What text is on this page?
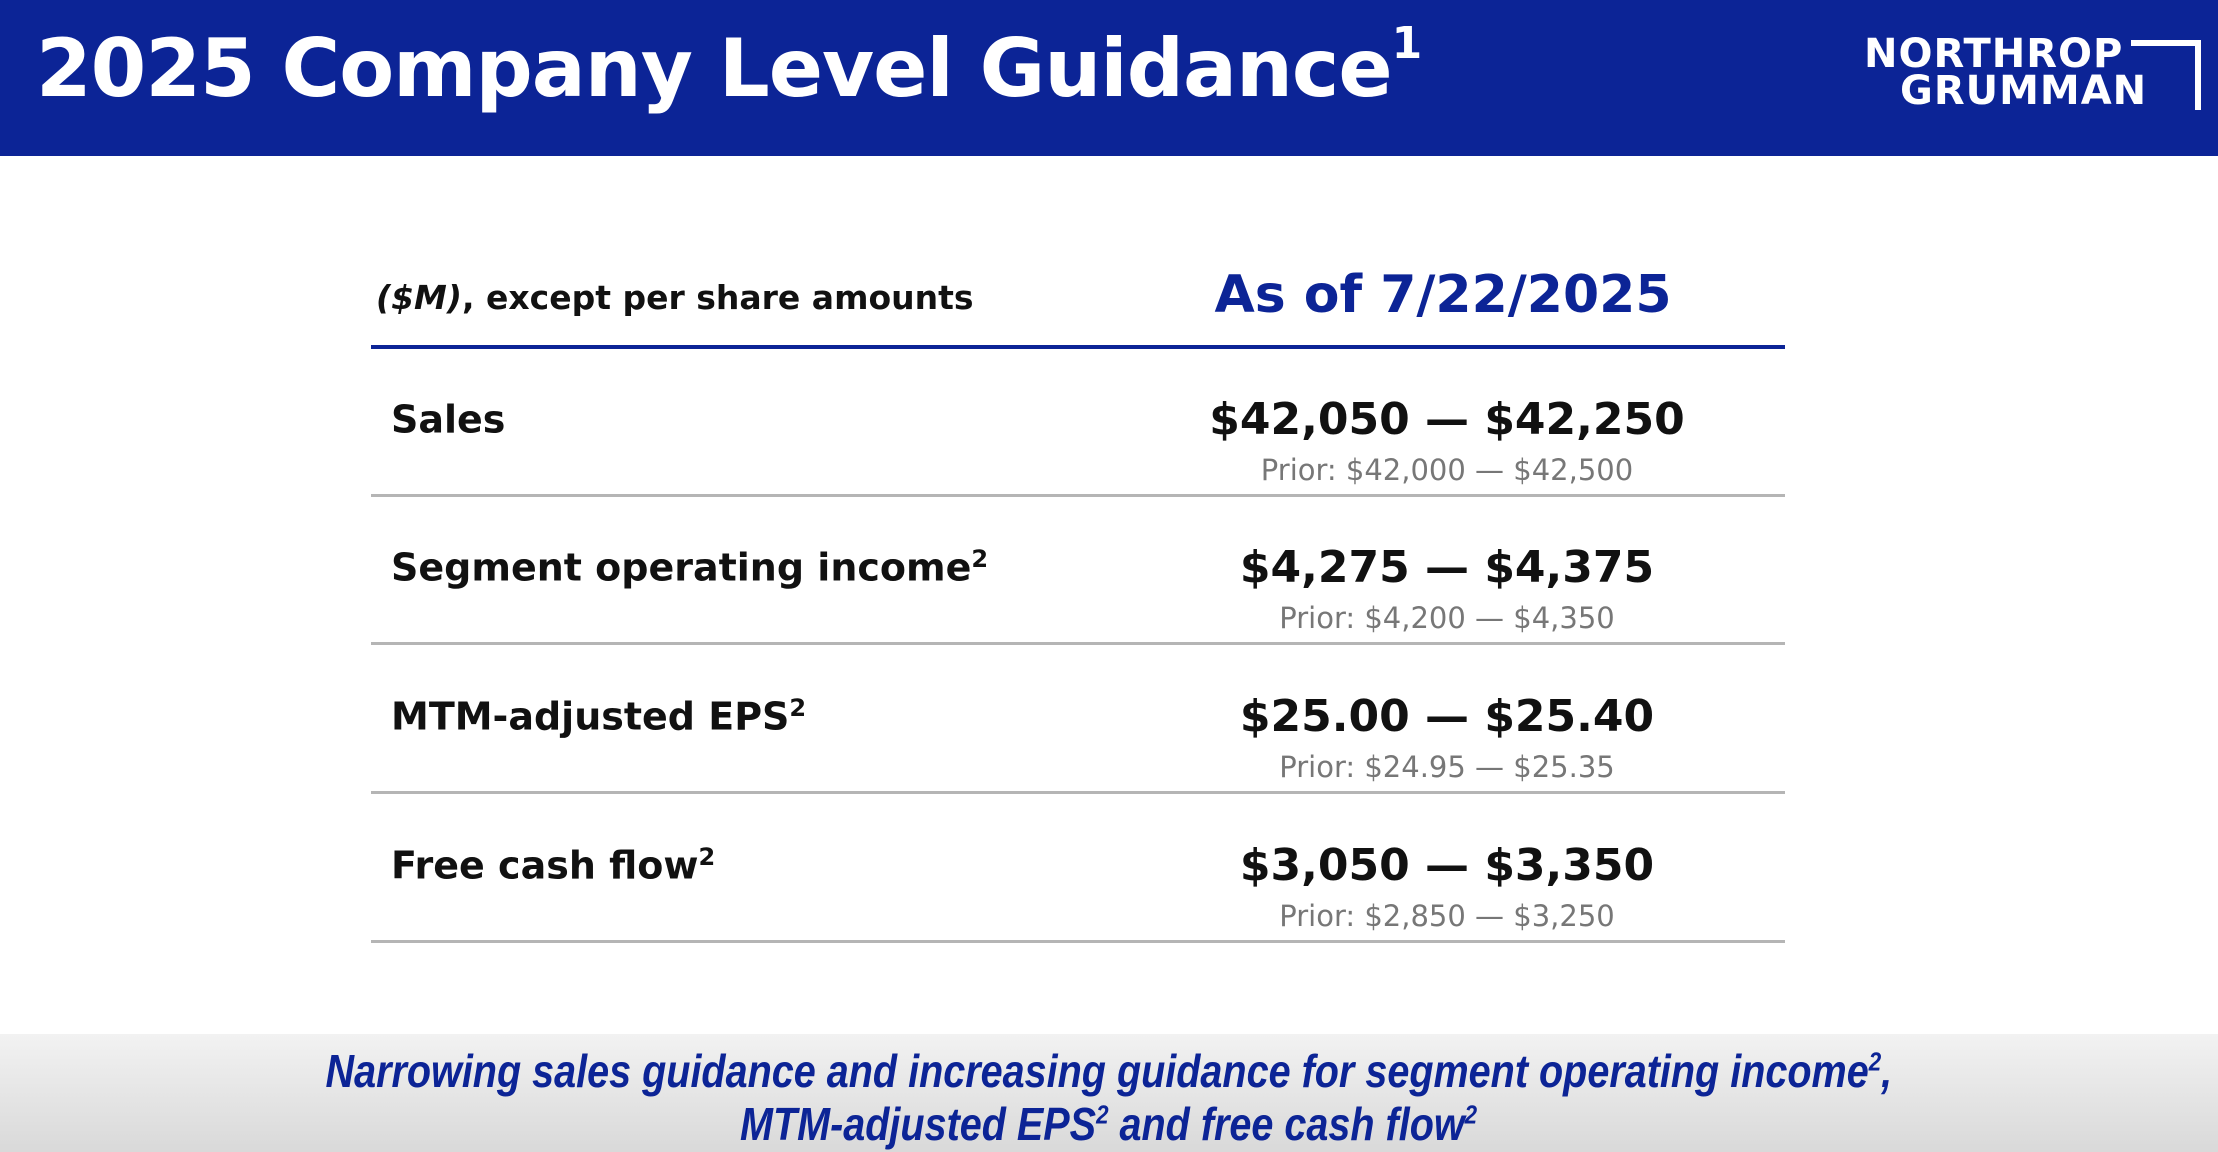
2025 Company Level Guidance$^1$	NORTHROP
GRUMMAN
($M), except per share amounts	As of 7/22/2025
Sales	$42,050 — $42,250
Prior: $42,000 — $42,500
Segment operating income$^2$	$4,275 — $4,375
Prior: $4,200 — $4,350
MTM-adjusted EPS$^2$	$25.00 — $25.40
Prior: $24.95 — $25.35
Free cash flow$^2$	$3,050 — $3,350
Prior: $2,850 — $3,250
Narrowing sales guidance and increasing guidance for segment operating income$^2$,
MTM-adjusted EPS$^2$ and free cash flow$^2$
